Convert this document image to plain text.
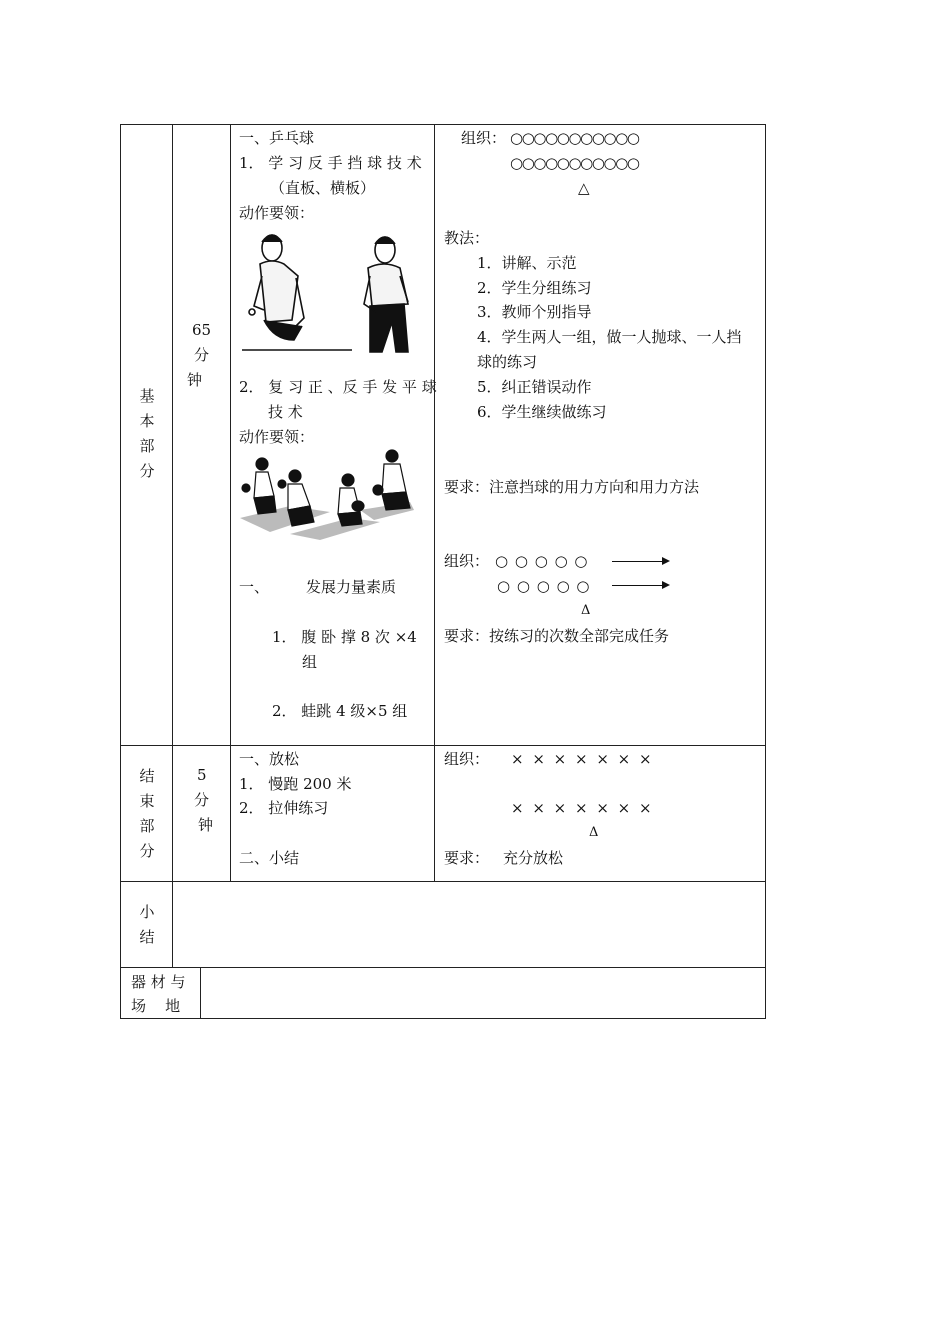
基本部分
65
分
钟
一、乒乓球
1． 学 习 反 手 挡 球 技 术
（直板、横板）
动作要领：
2． 复 习 正 、反 手 发 平 球
技 术
动作要领：
一、 发展力量素质
1． 腹 卧 撑 8 次 ×4
组
2． 蛙跳 4 级×5 组
组织： ○○○○○○○○○○○
○○○○○○○○○○○
△
教法：
1．讲解、示范
2．学生分组练习
3．教师个别指导
4．学生两人一组，做一人抛球、一人挡
球的练习
5．纠正错误动作
6．学生继续做练习
要求：注意挡球的用力方向和用力方法
组织： ○ ○ ○ ○ ○
○ ○ ○ ○ ○
Δ
要求：按练习的次数全部完成任务
结束部分
5
分
钟
一、放松
1． 慢跑 200 米
2． 拉伸练习
二、小结
组织： × × × × × × ×
× × × × × × ×
Δ
要求： 充分放松
小结
器 材 与
场    地
